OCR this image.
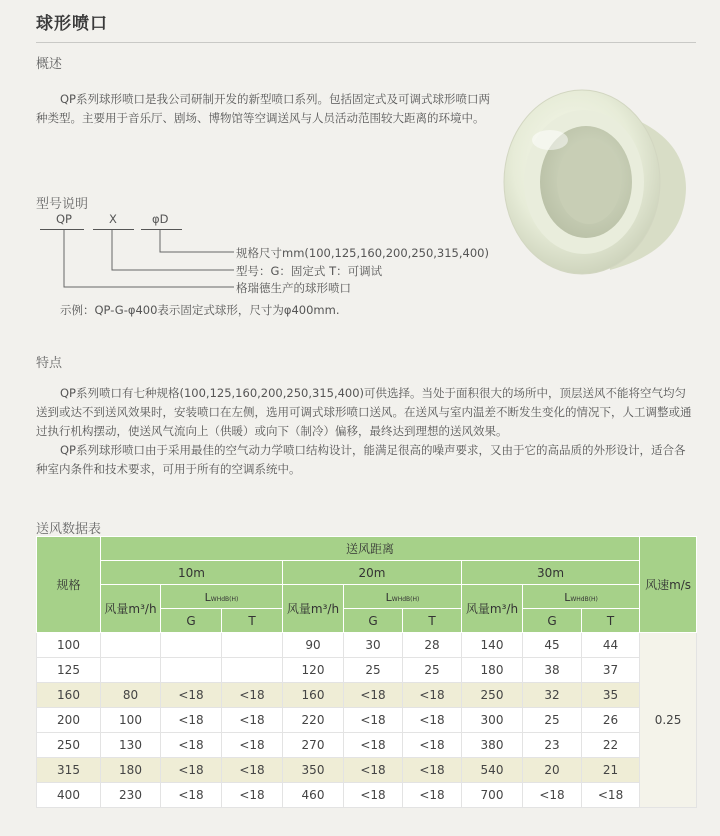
球形喷口
概述

QP系列球形喷口是我公司研制开发的新型喷口系列。包括固定式及可调式球形喷口两种类型。主要用于音乐厅、剧场、博物馆等空调送风与人员活动范围较大距离的环境中。

型号说明
QP	X	φD
规格尺寸mm(100,125,160,200,250,315,400)
型号：G：固定式 T：可调试
格瑞德生产的球形喷口
示例：QP-G-φ400表示固定式球形，尺寸为φ400mm.
特点

QP系列喷口有七种规格(100,125,160,200,250,315,400)可供选择。当处于面积很大的场所中，顶层送风不能将空气均匀送到或达不到送风效果时，安装喷口在左侧，选用可调式球形喷口送风。在送风与室内温差不断发生变化的情况下，人工调整或通过执行机构摆动，使送风气流向上（供暖）或向下（制冷）偏移，最终达到理想的送风效果。

QP系列球形喷口由于采用最佳的空气动力学喷口结构设计，能满足很高的噪声要求，又由于它的高品质的外形设计，适合各种室内条件和技术要求，可用于所有的空调系统中。

送风数据表
规格	送风距离									风速m/s
	10m			20m			30m			
	风量m³/h	LWHdB(H)		风量m³/h	LWHdB(H)		风量m³/h	LWHdB(H)		
		G	T		G	T		G	T	
100				90	30	28	140	45	44	0.25
125				120	25	25	180	38	37	
160	80	<18	<18	160	<18	<18	250	32	35	
200	100	<18	<18	220	<18	<18	300	25	26	
250	130	<18	<18	270	<18	<18	380	23	22	
315	180	<18	<18	350	<18	<18	540	20	21	
400	230	<18	<18	460	<18	<18	700	<18	<18	
